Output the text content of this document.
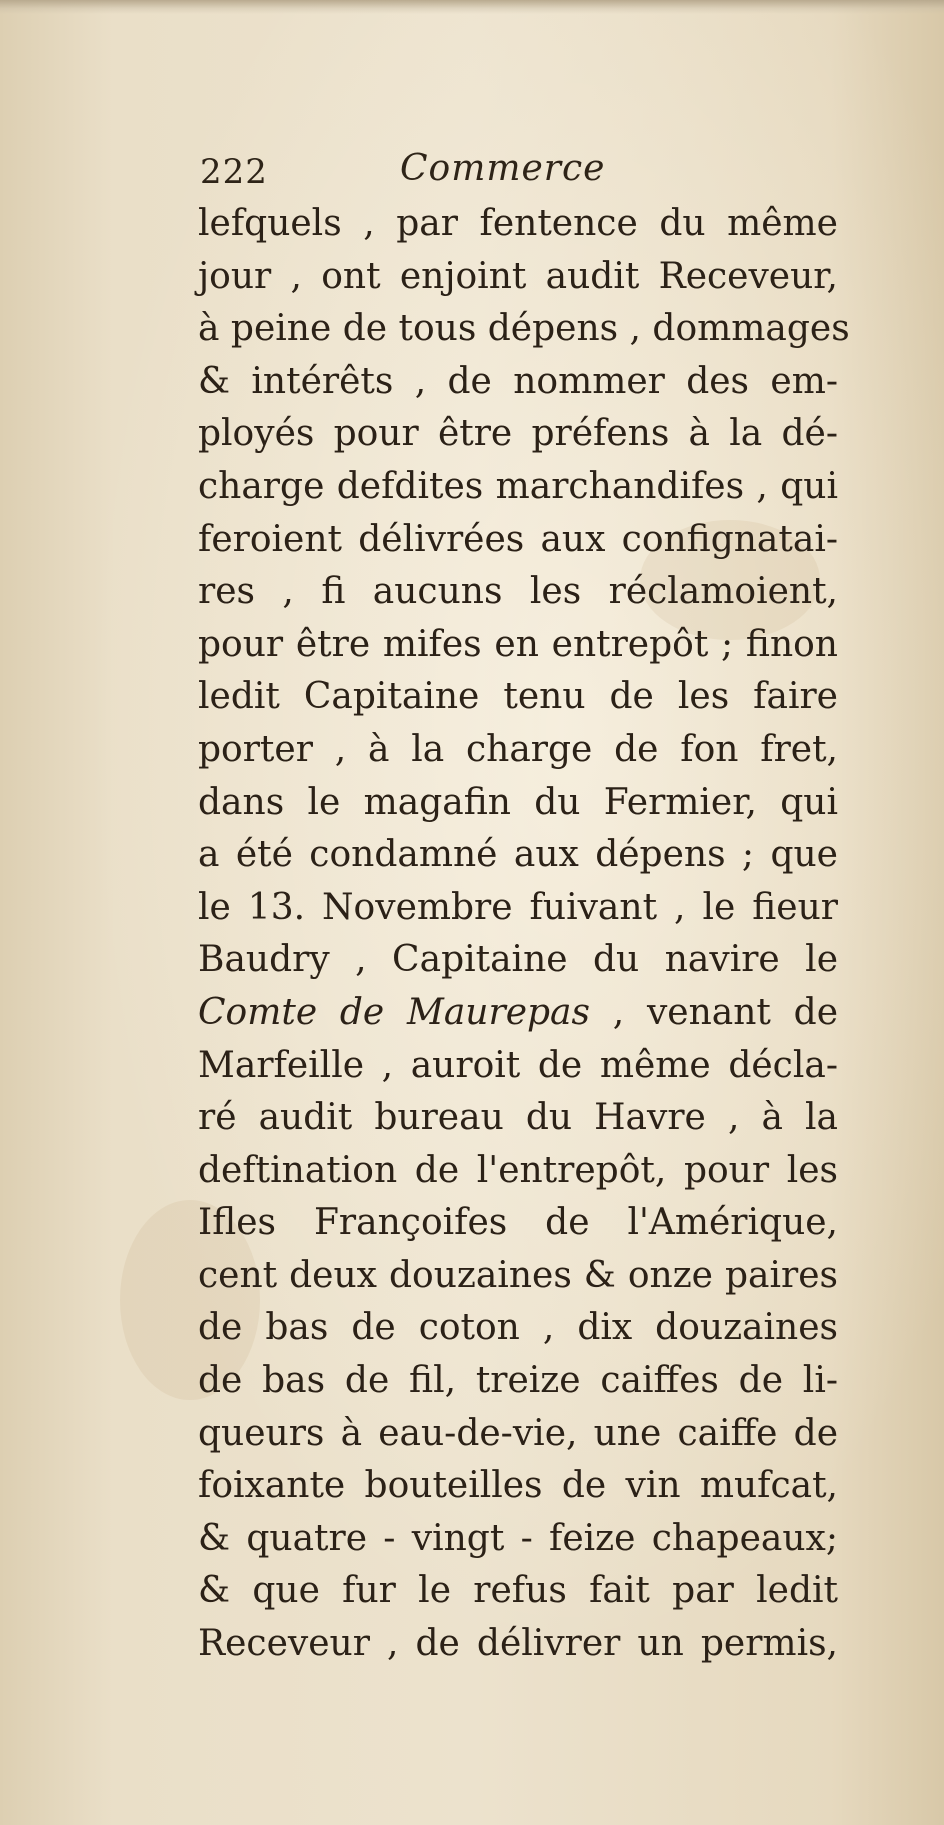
222	Commerce
lefquels , par fentence du même
jour , ont enjoint audit Receveur,
à peine de tous dépens , dommages
& intérêts , de nommer des em-
ployés pour être préfens à la dé-
charge defdites marchandifes , qui
feroient délivrées aux confignatai-
res , fi aucuns les réclamoient,
pour être mifes en entrepôt ; finon
ledit Capitaine tenu de les faire
porter , à la charge de fon fret,
dans le magafin du Fermier, qui
a été condamné aux dépens ; que
le 13. Novembre fuivant , le fieur
Baudry , Capitaine du navire le
Comte de Maurepas , venant de
Marfeille , auroit de même décla-
ré audit bureau du Havre , à la
deftination de l'entrepôt, pour les
Ifles Françoifes de l'Amérique,
cent deux douzaines & onze paires
de bas de coton , dix douzaines
de bas de fil, treize caiffes de li-
queurs à eau-de-vie, une caiffe de
foixante bouteilles de vin mufcat,
& quatre - vingt - feize chapeaux;
& que fur le refus fait par ledit
Receveur , de délivrer un permis,
